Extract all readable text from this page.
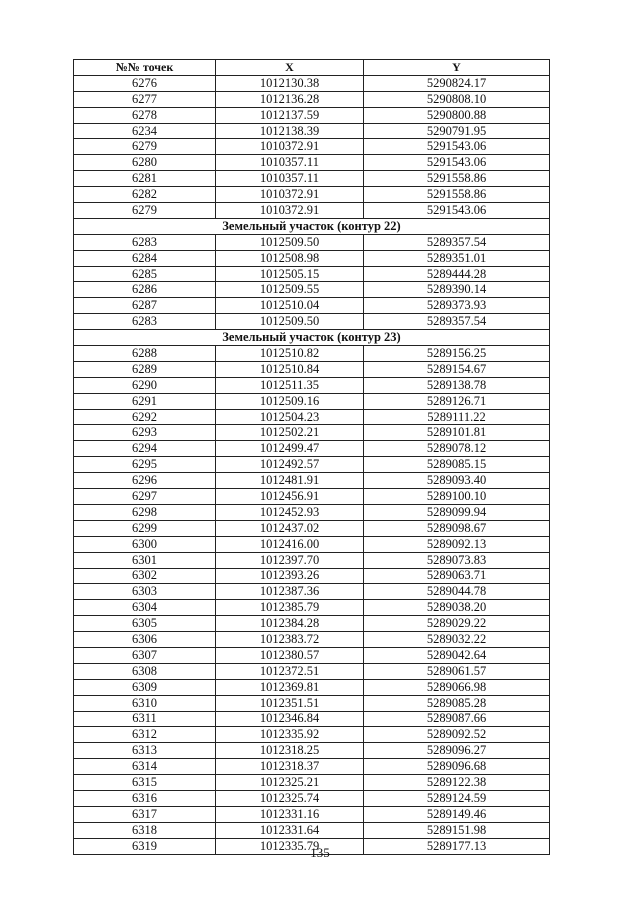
№№ точек	X	Y
6276	1012130.38	5290824.17
6277	1012136.28	5290808.10
6278	1012137.59	5290800.88
6234	1012138.39	5290791.95
6279	1010372.91	5291543.06
6280	1010357.11	5291543.06
6281	1010357.11	5291558.86
6282	1010372.91	5291558.86
6279	1010372.91	5291543.06
Земельный участок (контур 22)		
6283	1012509.50	5289357.54
6284	1012508.98	5289351.01
6285	1012505.15	5289444.28
6286	1012509.55	5289390.14
6287	1012510.04	5289373.93
6283	1012509.50	5289357.54
Земельный участок (контур 23)		
6288	1012510.82	5289156.25
6289	1012510.84	5289154.67
6290	1012511.35	5289138.78
6291	1012509.16	5289126.71
6292	1012504.23	5289111.22
6293	1012502.21	5289101.81
6294	1012499.47	5289078.12
6295	1012492.57	5289085.15
6296	1012481.91	5289093.40
6297	1012456.91	5289100.10
6298	1012452.93	5289099.94
6299	1012437.02	5289098.67
6300	1012416.00	5289092.13
6301	1012397.70	5289073.83
6302	1012393.26	5289063.71
6303	1012387.36	5289044.78
6304	1012385.79	5289038.20
6305	1012384.28	5289029.22
6306	1012383.72	5289032.22
6307	1012380.57	5289042.64
6308	1012372.51	5289061.57
6309	1012369.81	5289066.98
6310	1012351.51	5289085.28
6311	1012346.84	5289087.66
6312	1012335.92	5289092.52
6313	1012318.25	5289096.27
6314	1012318.37	5289096.68
6315	1012325.21	5289122.38
6316	1012325.74	5289124.59
6317	1012331.16	5289149.46
6318	1012331.64	5289151.98
6319	1012335.79	5289177.13
135
